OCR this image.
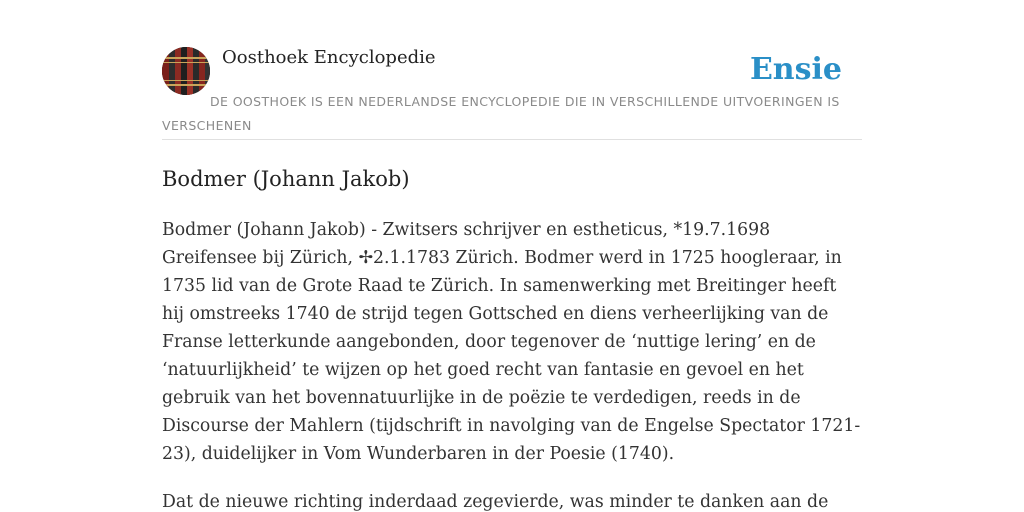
Oosthoek Encyclopedie	Ensie
DE OOSTHOEK IS EEN NEDERLANDSE ENCYCLOPEDIE DIE IN VERSCHILLENDE UITVOERINGEN IS VERSCHENEN
Bodmer (Johann Jakob)

Bodmer (Johann Jakob) - Zwitsers schrijver en estheticus, *19.7.1698 Greifensee bij Zürich, ✢2.1.1783 Zürich. Bodmer werd in 1725 hoogleraar, in 1735 lid van de Grote Raad te Zürich. In samenwerking met Breitinger heeft hij omstreeks 1740 de strijd tegen Gottsched en diens verheerlijking van de Franse letterkunde aangebonden, door tegenover de ‘nuttige lering’ en de ‘natuurlijkheid’ te wijzen op het goed recht van fantasie en gevoel en het gebruik van het bovennatuurlijke in de poëzie te verdedigen, reeds in de Discourse der Mahlern (tijdschrift in navolging van de Engelse Spectator 1721-23), duidelijker in Vom Wunderbaren in der Poesie (1740).

Dat de nieuwe richting inderdaad zegevierde, was minder te danken aan de
